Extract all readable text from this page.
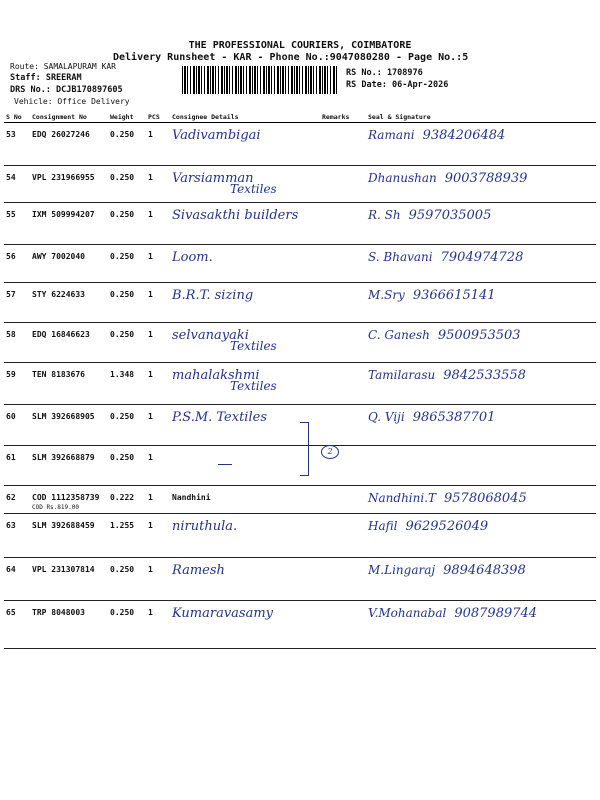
THE PROFESSIONAL COURIERS, COIMBATORE
Delivery Runsheet - KAR - Phone No.:9047080280 - Page No.:5
Route: SAMALAPURAM KAR
Staff: SREERAM
DRS No.: DCJB170897605
Vehicle: Office Delivery
RS No.: 1708976
RS Date: 06-Apr-2026
S No	Consignment No	Weight	PCS	Consignee Details	Remarks	Seal & Signature
53	EDQ 26027246	0.250	1	Vadivambigai		Ramani 9384206484

54	VPL 231966955	0.250	1	Varsiamman
Textiles		Dhanushan 9003788939

55	IXM 509994207	0.250	1	Sivasakthi builders		R. Sh 9597035005

56	AWY 7002040	0.250	1	Loom.		S. Bhavani 7904974728

57	STY 6224633	0.250	1	B.R.T. sizing		M.Sry 9366615141

58	EDQ 16846623	0.250	1	selvanayaki
Textiles		C. Ganesh 9500953503

59	TEN 8183676	1.348	1	mahalakshmi
Textiles		Tamilarasu 9842533558

60	SLM 392668905	0.250	1	P.S.M. Textiles		Q. Viji 9865387701

61	SLM 392668879	0.250	1	

62	COD 1112358739
COD Rs.819.00	0.222	1	Nandhini		Nandhini.T 9578068045

63	SLM 392688459	1.255	1	niruthula.		Hafil 9629526049

64	VPL 231307814	0.250	1	Ramesh		M.Lingaraj 9894648398

65	TRP 8048003	0.250	1	Kumaravasamy		V.Mohanabal 9087989744
2
